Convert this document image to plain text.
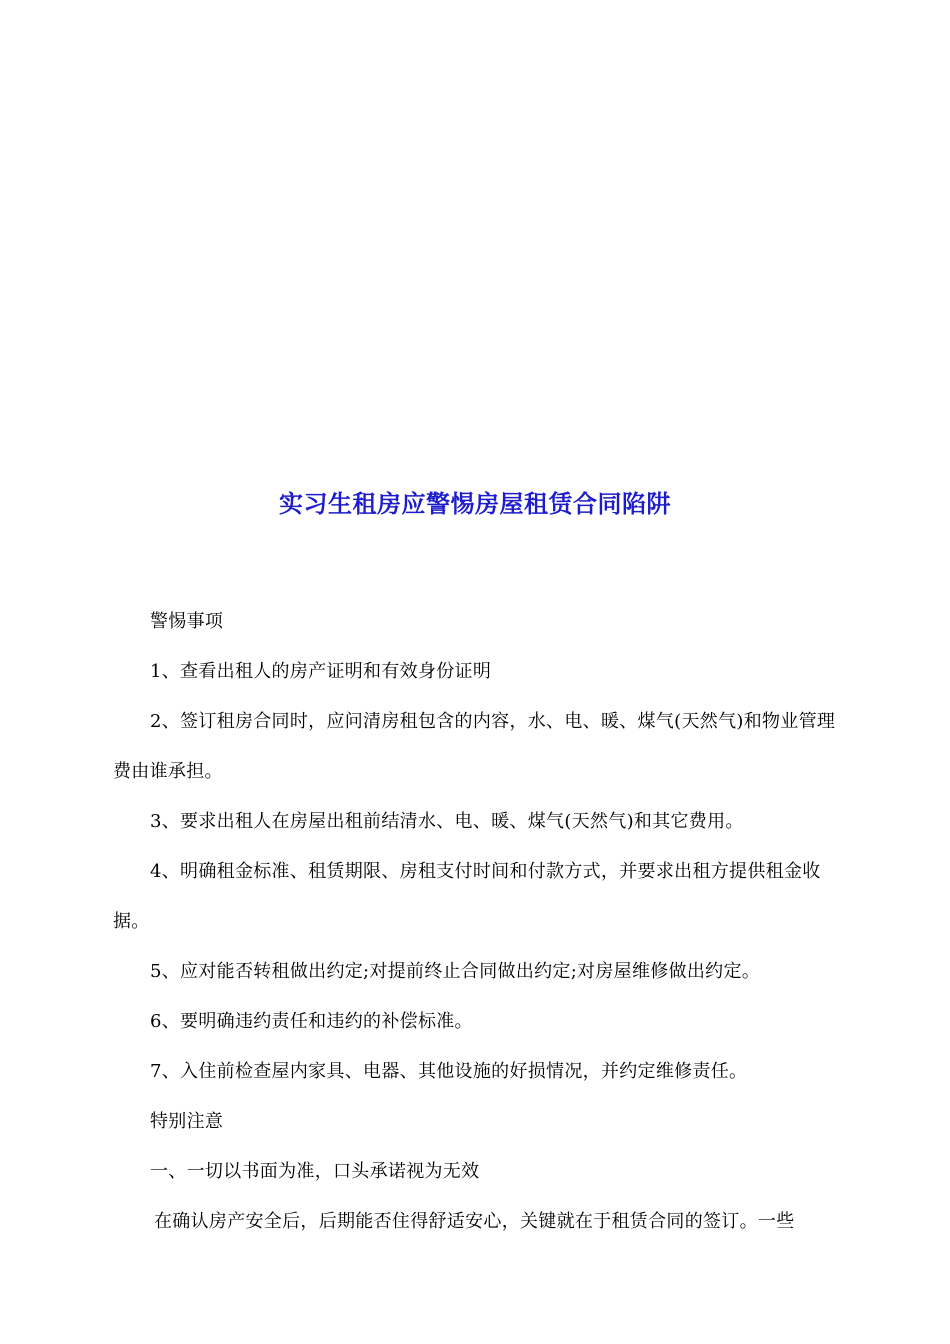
实习生租房应警惕房屋租赁合同陷阱

警惕事项

1、查看出租人的房产证明和有效身份证明

2、签订租房合同时，应问清房租包含的内容，水、电、暖、煤气(天然气)和物业管理费由谁承担。

3、要求出租人在房屋出租前结清水、电、暖、煤气(天然气)和其它费用。

4、明确租金标准、租赁期限、房租支付时间和付款方式，并要求出租方提供租金收据。

5、应对能否转租做出约定;对提前终止合同做出约定;对房屋维修做出约定。

6、要明确违约责任和违约的补偿标准。

7、入住前检查屋内家具、电器、其他设施的好损情况，并约定维修责任。

特别注意

一、一切以书面为准，口头承诺视为无效

在确认房产安全后，后期能否住得舒适安心，关键就在于租赁合同的签订。一些
